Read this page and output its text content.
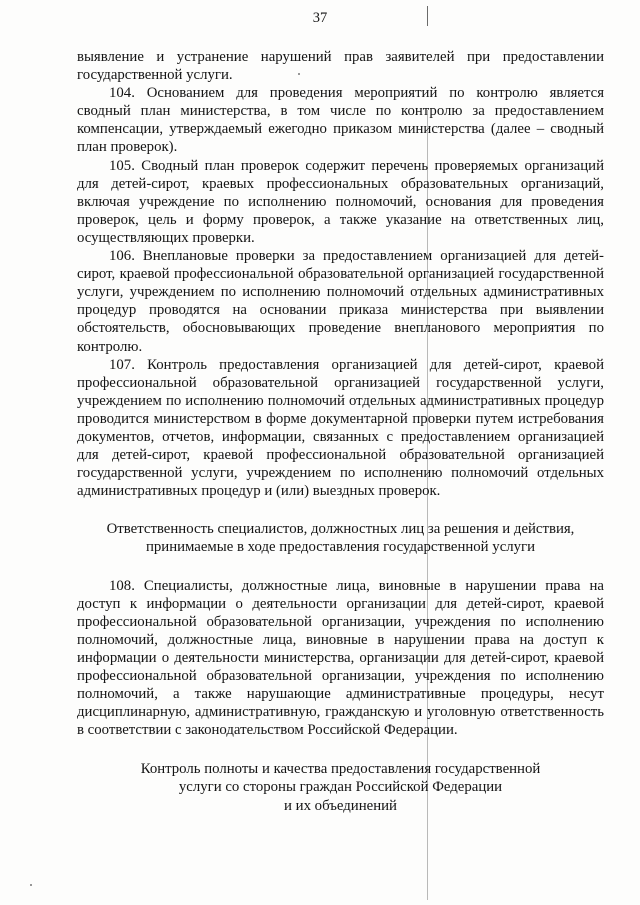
37

выявление и устранение нарушений прав заявителей при предоставлении государственной услуги.

104. Основанием для проведения мероприятий по контролю является сводный план министерства, в том числе по контролю за предоставлением компенсации, утверждаемый ежегодно приказом министерства (далее – сводный план проверок).

105. Сводный план проверок содержит перечень проверяемых организаций для детей-сирот, краевых профессиональных образовательных организаций, включая учреждение по исполнению полномочий, основания для проведения проверок, цель и форму проверок, а также указание на ответственных лиц, осуществляющих проверки.

106. Внеплановые проверки за предоставлением организацией для детей-сирот, краевой профессиональной образовательной организацией государственной услуги, учреждением по исполнению полномочий отдельных административных процедур проводятся на основании приказа министерства при выявлении обстоятельств, обосновывающих проведение внепланового мероприятия по контролю.

107. Контроль предоставления организацией для детей-сирот, краевой профессиональной образовательной организацией государственной услуги, учреждением по исполнению полномочий отдельных административных процедур проводится министерством в форме документарной проверки путем истребования документов, отчетов, информации, связанных с предоставлением организацией для детей-сирот, краевой профессиональной образовательной организацией государственной услуги, учреждением по исполнению полномочий отдельных административных процедур и (или) выездных проверок.

Ответственность специалистов, должностных лиц за решения и действия,
принимаемые в ходе предоставления государственной услуги

108. Специалисты, должностные лица, виновные в нарушении права на доступ к информации о деятельности организации для детей-сирот, краевой профессиональной образовательной организации, учреждения по исполнению полномочий, должностные лица, виновные в нарушении права на доступ к информации о деятельности министерства, организации для детей-сирот, краевой профессиональной образовательной организации, учреждения по исполнению полномочий, а также нарушающие административные процедуры, несут дисциплинарную, административную, гражданскую и уголовную ответственность в соответствии с законодательством Российской Федерации.

Контроль полноты и качества предоставления государственной
услуги со стороны граждан Российской Федерации
и их объединений
